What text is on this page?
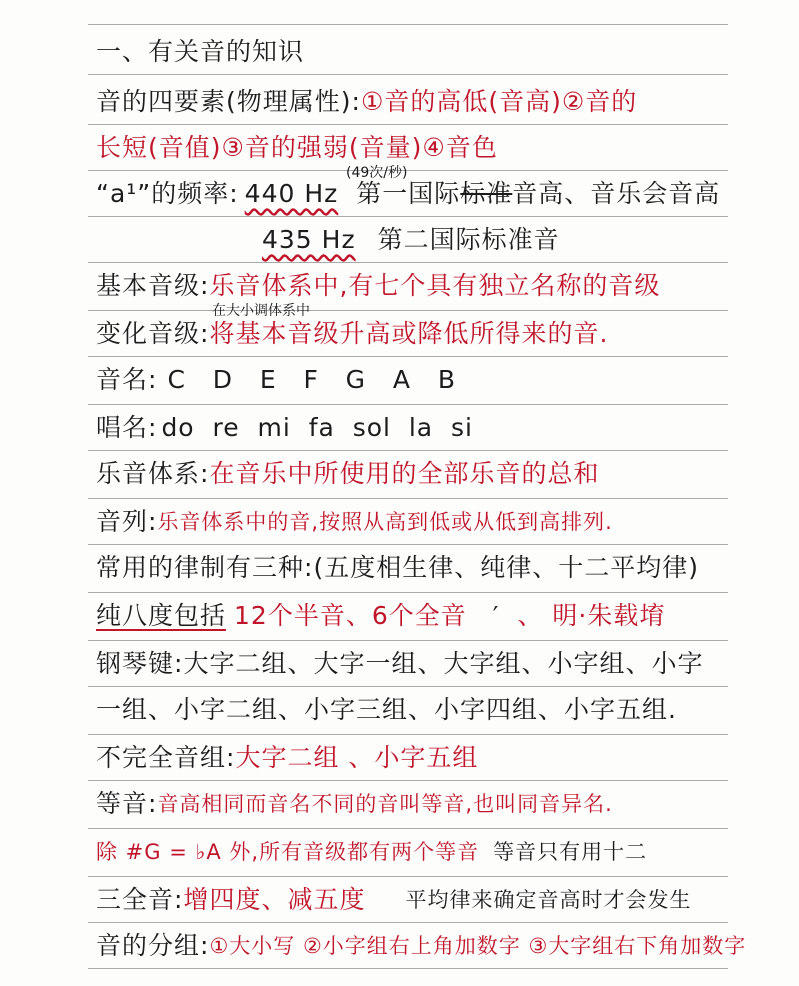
一、有关音的知识
音的四要素(物理属性): ①音的高低(音高)②音的
长短(音值)③音的强弱(音量)④音色
“a¹”的频率: 440 Hz 第一国际 标准 音高、音乐会音高
(49次/秒)
435 Hz 第二国际标准音
基本音级: 乐音体系中,有七个具有独立名称的音级
在大小调体系中
变化音级: 将基本音级升高或降低所得来的音.
音名: C   D   E   F   G   A   B
唱名: do  re  mi  fa  sol  la  si
乐音体系: 在音乐中所使用的全部乐音的总和
音列: 乐音体系中的音,按照从高到低或从低到高排列.
常用的律制有三种: (五度相生律、纯律、十二平均律)
纯八度包括 12个半音、6个全音 ′ 、 明·朱载堉
钢琴键: 大字二组、大字一组、大字组、小字组、小字
一组、小字二组、小字三组、小字四组、小字五组.
不完全音组: 大字二组 、小字五组
等音: 音高相同而音名不同的音叫等音,也叫同音异名.
除 #G = ♭A 外,所有音级都有两个等音 等音只有用十二
三全音: 增四度、减五度 平均律来确定音高时才会发生
音的分组: ①大小写 ②小字组右上角加数字 ③大字组右下角加数字
